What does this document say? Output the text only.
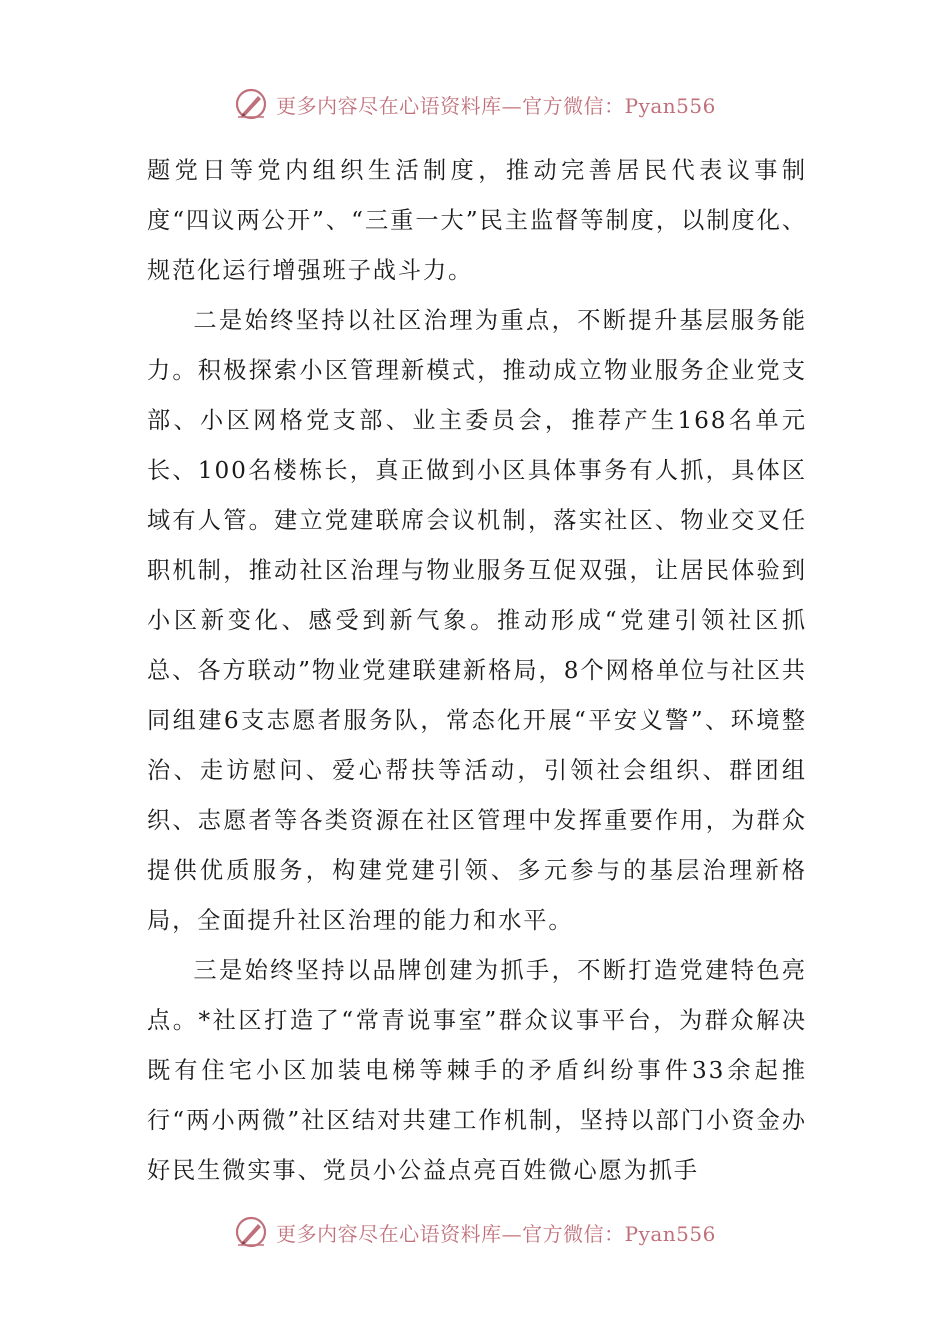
更多内容尽在心语资料库—官方微信：Pyan556

题党日等党内组织生活制度，推动完善居民代表议事制度“四议两公开”、“三重一大”民主监督等制度，以制度化、规范化运行增强班子战斗力。

二是始终坚持以社区治理为重点，不断提升基层服务能力。积极探索小区管理新模式，推动成立物业服务企业党支部、小区网格党支部、业主委员会，推荐产生168名单元长、100名楼栋长，真正做到小区具体事务有人抓，具体区域有人管。建立党建联席会议机制，落实社区、物业交叉任职机制，推动社区治理与物业服务互促双强，让居民体验到小区新变化、感受到新气象。推动形成“党建引领社区抓总、各方联动”物业党建联建新格局，8个网格单位与社区共同组建6支志愿者服务队，常态化开展“平安义警”、环境整治、走访慰问、爱心帮扶等活动，引领社会组织、群团组织、志愿者等各类资源在社区管理中发挥重要作用，为群众提供优质服务，构建党建引领、多元参与的基层治理新格局，全面提升社区治理的能力和水平。

三是始终坚持以品牌创建为抓手，不断打造党建特色亮点。*社区打造了“常青说事室”群众议事平台，为群众解决既有住宅小区加装电梯等棘手的矛盾纠纷事件33余起推行“两小两微”社区结对共建工作机制，坚持以部门小资金办好民生微实事、党员小公益点亮百姓微心愿为抓手

更多内容尽在心语资料库—官方微信：Pyan556
